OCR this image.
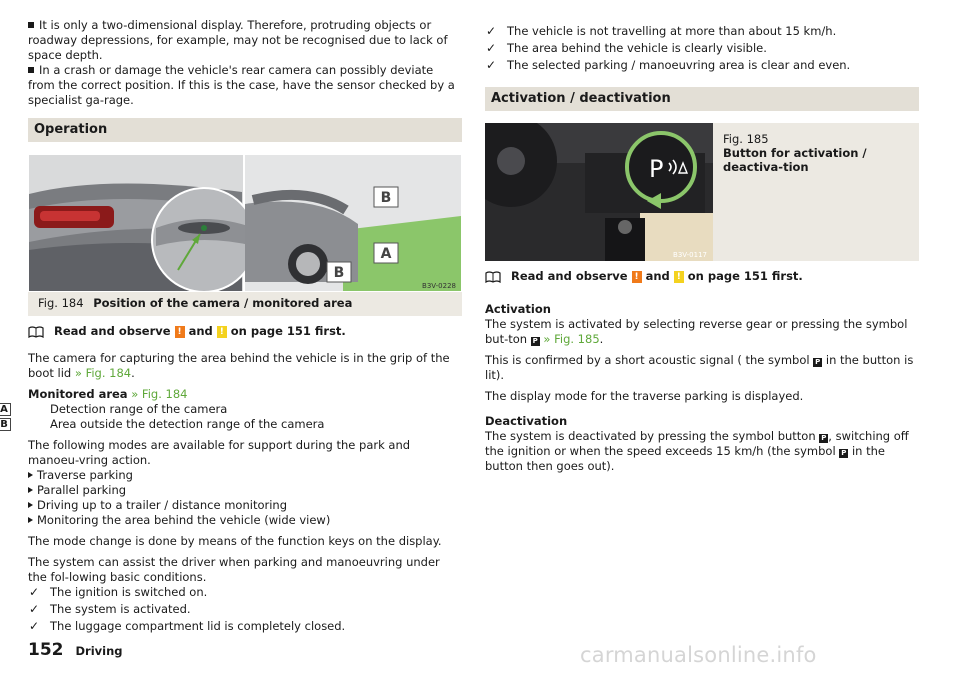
It is only a two-dimensional display. Therefore, protruding objects or roadway depressions, for example, may not be recognised due to lack of space depth.

In a crash or damage the vehicle's rear camera can possibly deviate from the correct position. If this is the case, have the sensor checked by a specialist ga-rage.

Operation
B
A
B
B3V-0228
Fig. 184 Position of the camera / monitored area
Read and observe ! and ! on page 151 first.

The camera for capturing the area behind the vehicle is in the grip of the boot lid » Fig. 184.

Monitored area » Fig. 184
A	Detection range of the camera
B	Area outside the detection range of the camera
The following modes are available for support during the park and manoeu-vring action.
Traverse parking
Parallel parking
Driving up to a trailer / distance monitoring
Monitoring the area behind the vehicle (wide view)

The mode change is done by means of the function keys on the display.

The system can assist the driver when parking and manoeuvring under the fol-lowing basic conditions.
✓ The ignition is switched on.
✓ The system is activated.
✓ The luggage compartment lid is completely closed.
✓ The vehicle is not travelling at more than about 15 km/h.
✓ The area behind the vehicle is clearly visible.
✓ The selected parking / manoeuvring area is clear and even.
Activation / deactivation
P
B3V-0117
Fig. 185
Button for activation / deactiva-tion
Read and observe ! and ! on page 151 first.
Activation

The system is activated by selecting reverse gear or pressing the symbol but-ton P » Fig. 185.

This is confirmed by a short acoustic signal ( the symbol P in the button is lit).

The display mode for the traverse parking is displayed.

Deactivation

The system is deactivated by pressing the symbol button P , switching off the ignition or when the speed exceeds 15 km/h (the symbol P in the button then goes out).

152 Driving	carmanualsonline.info
